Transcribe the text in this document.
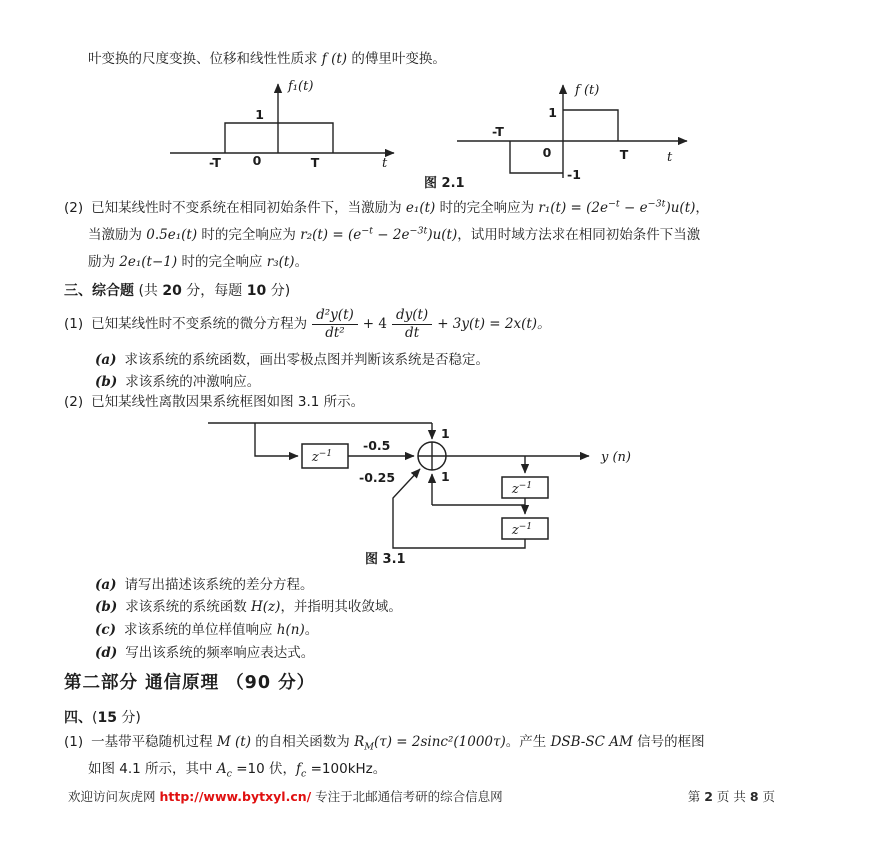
叶变换的尺度变换、位移和线性性质求 f (t) 的傅里叶变换。
f₁(t)
1
-T	0	T	t
f (t)
1
-T
0	T	t
-1
图 2.1
(2) 已知某线性时不变系统在相同初始条件下，当激励为 e₁(t) 时的完全响应为 $r_1(t) = (2e^{-t} - e^{-3t})u(t)$，
当激励为 0.5e₁(t) 时的完全响应为 $r_2(t) = (e^{-t} - 2e^{-3t})u(t)$，试用时域方法求在相同初始条件下当激
励为 2e₁(t−1) 时的完全响应 r₃(t)。
三、综合题 (共 20 分，每题 10 分)
(1) 已知某线性时不变系统的微分方程为 $\frac{\text{d²y(t)}}{\text{dt²}} + 4 \frac{dy(t)}{dt} + 3y(t) = 2x(t)$。
(a) 求该系统的系统函数，画出零极点图并判断该系统是否稳定。
(b) 求该系统的冲激响应。
(2) 已知某线性离散因果系统框图如图 3.1 所示。
$z^{-1}$	y (n)
$z^{-1}$
$z^{-1}$
1
-0.5
1
-0.25
图 3.1
(a) 请写出描述该系统的差分方程。
(b) 求该系统的系统函数 H(z)，并指明其收敛域。
(c) 求该系统的单位样值响应 h(n)。
(d) 写出该系统的频率响应表达式。
第二部分 通信原理 （90 分）
四、(15 分)
(1) 一基带平稳随机过程 M (t) 的自相关函数为 $R_M(\tau) = 2\sin c^2(1000\tau)$。产生 DSB-SC AM 信号的框图
如图 4.1 所示，其中 $A_c =10$ 伏，$f_c =100kHz$。
欢迎访问灰虎网 http://www.bytxyl.cn/ 专注于北邮通信考研的综合信息网	第 2 页 共 8 页
